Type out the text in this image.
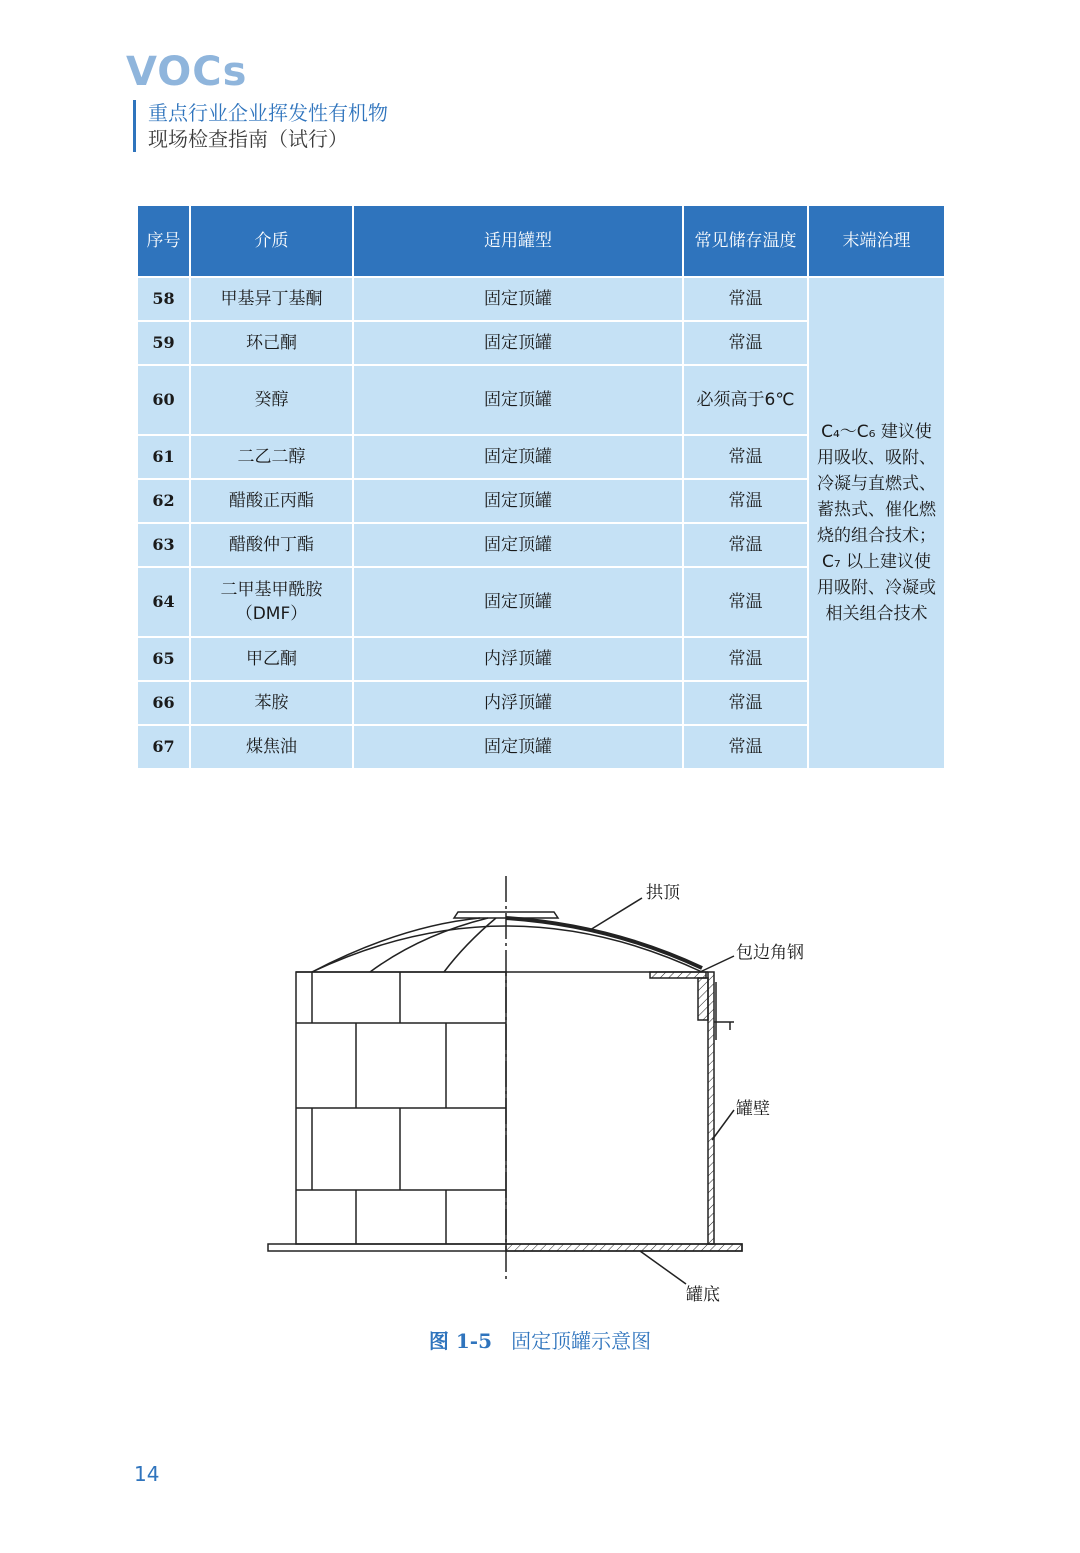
VOCs
重点行业企业挥发性有机物
现场检查指南（试行）
序号	介质	适用罐型	常见储存温度	末端治理
58	甲基异丁基酮	固定顶罐	常温	C₄～C₆ 建议使用吸收、吸附、冷凝与直燃式、蓄热式、催化燃烧的组合技术；C₇ 以上建议使用吸附、冷凝或相关组合技术

59	环己酮	固定顶罐	常温	
60	癸醇	固定顶罐	必须高于6℃	
61	二乙二醇	固定顶罐	常温	
62	醋酸正丙酯	固定顶罐	常温	
63	醋酸仲丁酯	固定顶罐	常温	
64	二甲基甲酰胺（DMF）	固定顶罐	常温	
65	甲乙酮	内浮顶罐	常温	
66	苯胺	内浮顶罐	常温	
67	煤焦油	固定顶罐	常温	
拱顶
包边角钢
罐壁
罐底
图 1-5 固定顶罐示意图
14
